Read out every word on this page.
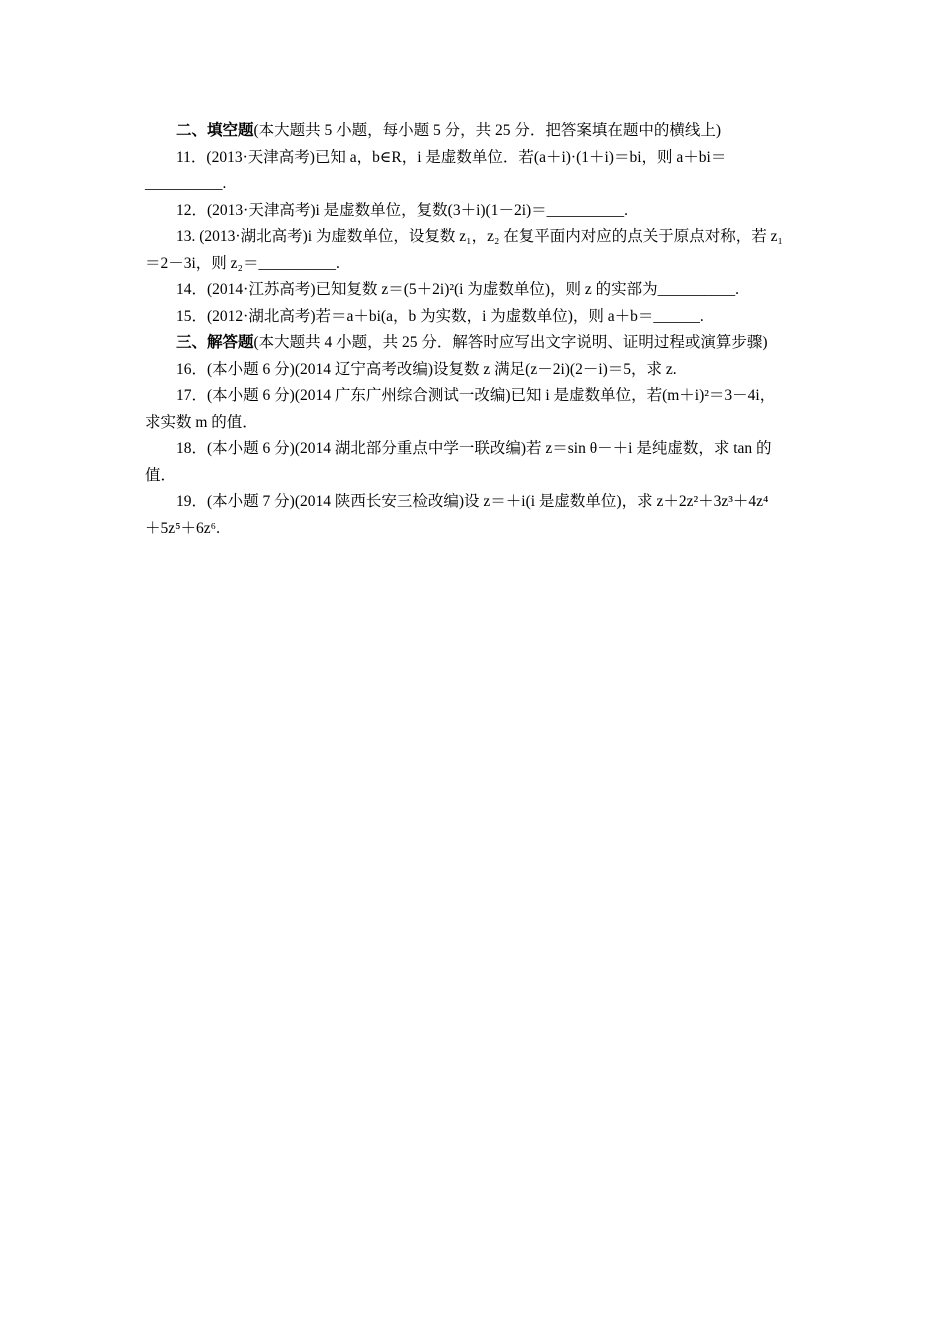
二、填空题(本大题共 5 小题，每小题 5 分，共 25 分．把答案填在题中的横线上)
11．(2013·天津高考)已知 a，b∈R，i 是虚数单位．若(a＋i)·(1＋i)＝bi，则 a＋bi＝
__________.
12．(2013·天津高考)i 是虚数单位，复数(3＋i)(1－2i)＝__________.
13. (2013·湖北高考)i 为虚数单位，设复数 z₁，z₂ 在复平面内对应的点关于原点对称，若 z₁
＝2－3i，则 z₂＝__________.
14．(2014·江苏高考)已知复数 z＝(5＋2i)²(i 为虚数单位)，则 z 的实部为__________.
15．(2012·湖北高考)若＝a＋bi(a，b 为实数，i 为虚数单位)，则 a＋b＝______.
三、解答题(本大题共 4 小题，共 25 分．解答时应写出文字说明、证明过程或演算步骤)
16．(本小题 6 分)(2014 辽宁高考改编)设复数 z 满足(z－2i)(2－i)＝5，求 z.
17．(本小题 6 分)(2014 广东广州综合测试一改编)已知 i 是虚数单位，若(m＋i)²＝3－4i，
求实数 m 的值．
18．(本小题 6 分)(2014 湖北部分重点中学一联改编)若 z＝sin θ－＋i 是纯虚数，求 tan 的
值．
19．(本小题 7 分)(2014 陕西长安三检改编)设 z＝＋i(i 是虚数单位)，求 z＋2z²＋3z³＋4z⁴
＋5z⁵＋6z⁶.
